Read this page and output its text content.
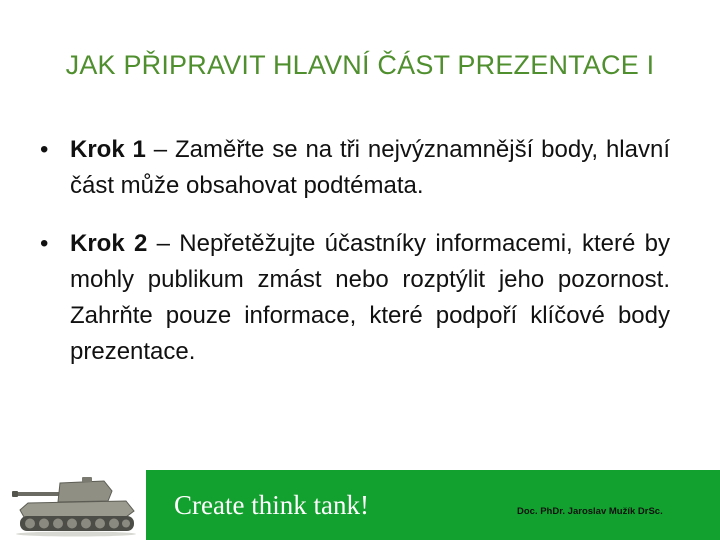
JAK PŘIPRAVIT HLAVNÍ ČÁST PREZENTACE I
• Krok 1 – Zaměřte se na tři nejvýznamnější body, hlavní část může obsahovat podtémata.
• Krok 2 – Nepřetěžujte účastníky informacemi, které by mohly publikum zmást nebo rozptýlit jeho pozornost. Zahrňte pouze informace, které podpoří klíčové body prezentace.
Create think tank!	Doc. PhDr. Jaroslav Mužík DrSc.
